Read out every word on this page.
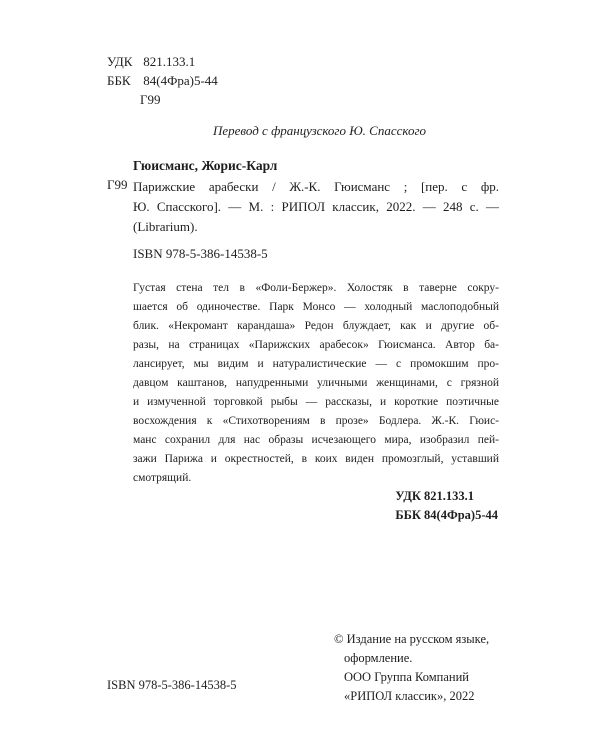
УДК 821.133.1
ББК 84(4Фра)5-44
Г99
Перевод с французского Ю. Спасского
Гюисманс, Жорис-Карл
Г99 Парижские арабески / Ж.-К. Гюисманс ; [пер. с фр.
Ю. Спасского]. — М. : РИПОЛ классик, 2022. — 248 с. —
(Librarium).
ISBN 978-5-386-14538-5
Густая стена тел в «Фоли-Бержер». Холостяк в таверне сокру-
шается об одиночестве. Парк Монсо — холодный маслоподобный
блик. «Некромант карандаша» Редон блуждает, как и другие об-
разы, на страницах «Парижских арабесок» Гюисманса. Автор ба-
лансирует, мы видим и натуралистические — с промокшим про-
давцом каштанов, напудренными уличными женщинами, с грязной
и измученной торговкой рыбы — рассказы, и короткие поэтичные
восхождения к «Стихотворениям в прозе» Бодлера. Ж.-К. Гюис-
манс сохранил для нас образы исчезающего мира, изобразил пей-
зажи Парижа и окрестностей, в коих виден промозглый, уставший
смотрящий.
УДК 821.133.1
ББК 84(4Фра)5-44
© Издание на русском языке,
оформление.
ООО Группа Компаний
«РИПОЛ классик», 2022
ISBN 978-5-386-14538-5
